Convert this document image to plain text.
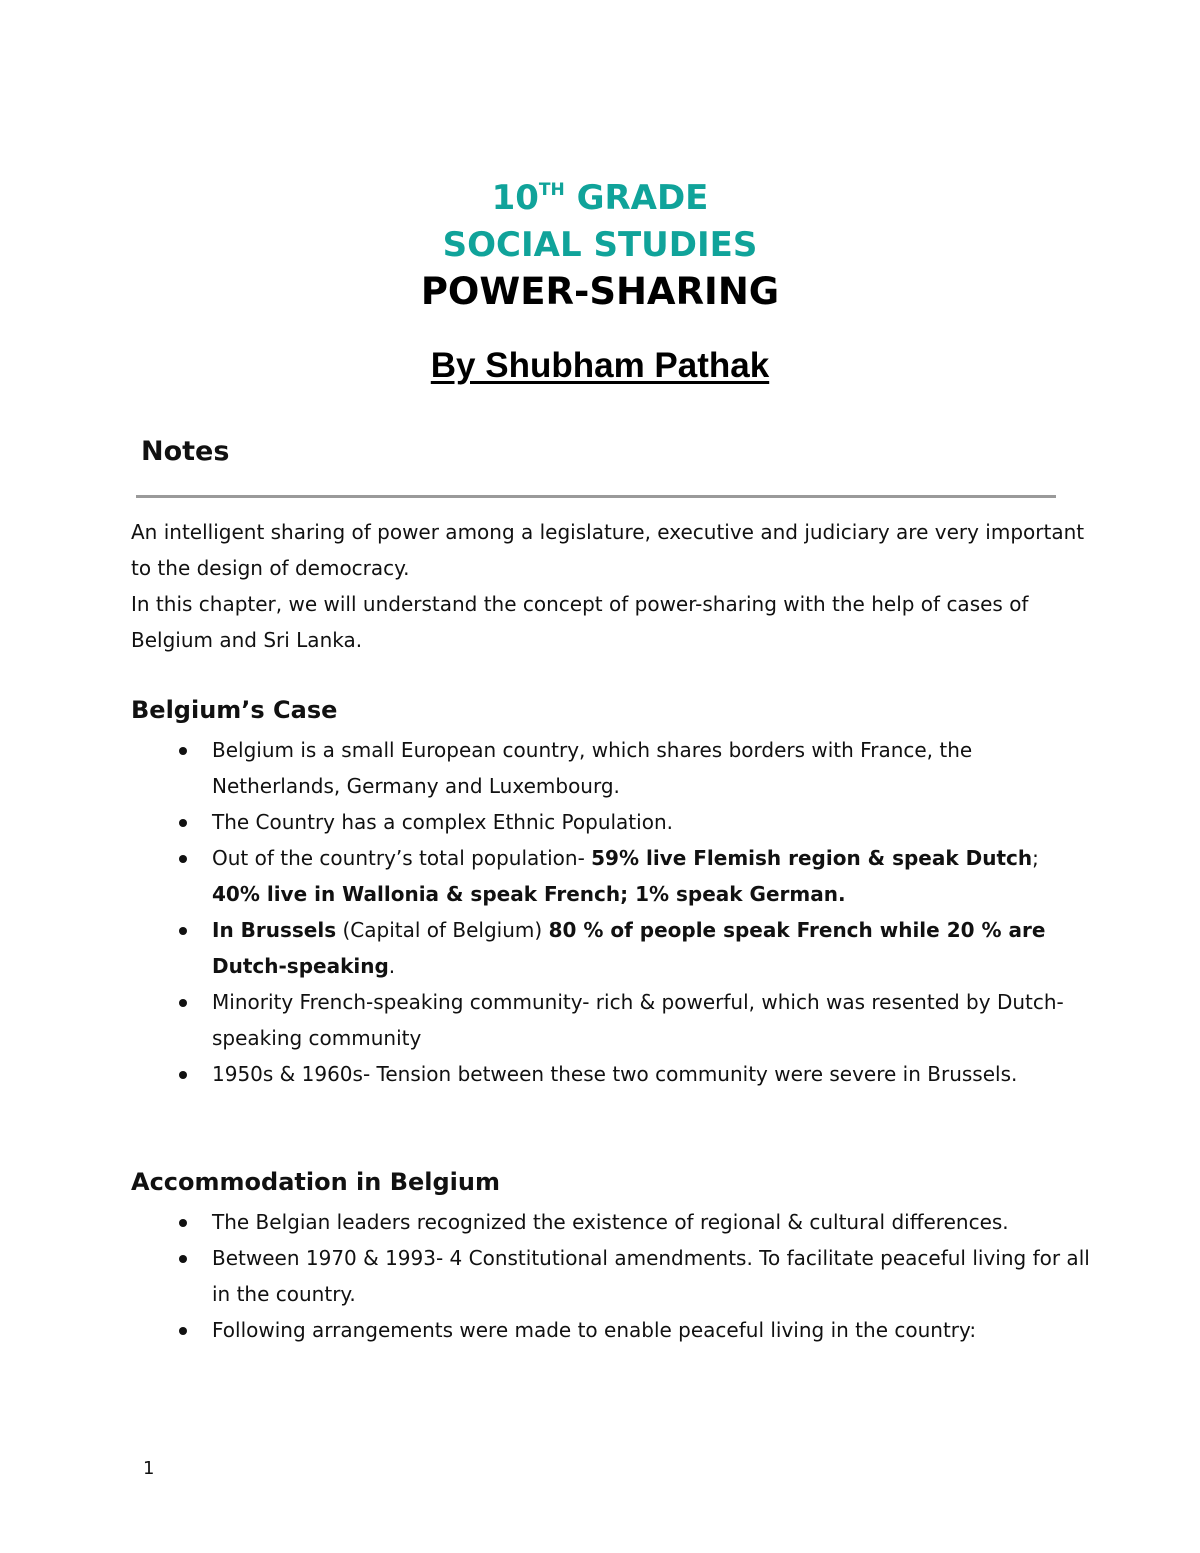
10TH GRADE
SOCIAL STUDIES
POWER-SHARING
By Shubham Pathak
Notes

An intelligent sharing of power among a legislature, executive and judiciary are very important to the design of democracy.

In this chapter, we will understand the concept of power-sharing with the help of cases of Belgium and Sri Lanka.

Belgium’s Case
Belgium is a small European country, which shares borders with France, the Netherlands, Germany and Luxembourg.
The Country has a complex Ethnic Population.
Out of the country’s total population- 59% live Flemish region & speak Dutch; 40% live in Wallonia & speak French; 1% speak German.
In Brussels (Capital of Belgium) 80 % of people speak French while 20 % are Dutch-speaking.
Minority French-speaking community- rich & powerful, which was resented by Dutch-speaking community
1950s & 1960s- Tension between these two community were severe in Brussels.
Accommodation in Belgium
The Belgian leaders recognized the existence of regional & cultural differences.
Between 1970 & 1993- 4 Constitutional amendments. To facilitate peaceful living for all in the country.
Following arrangements were made to enable peaceful living in the country:
1
